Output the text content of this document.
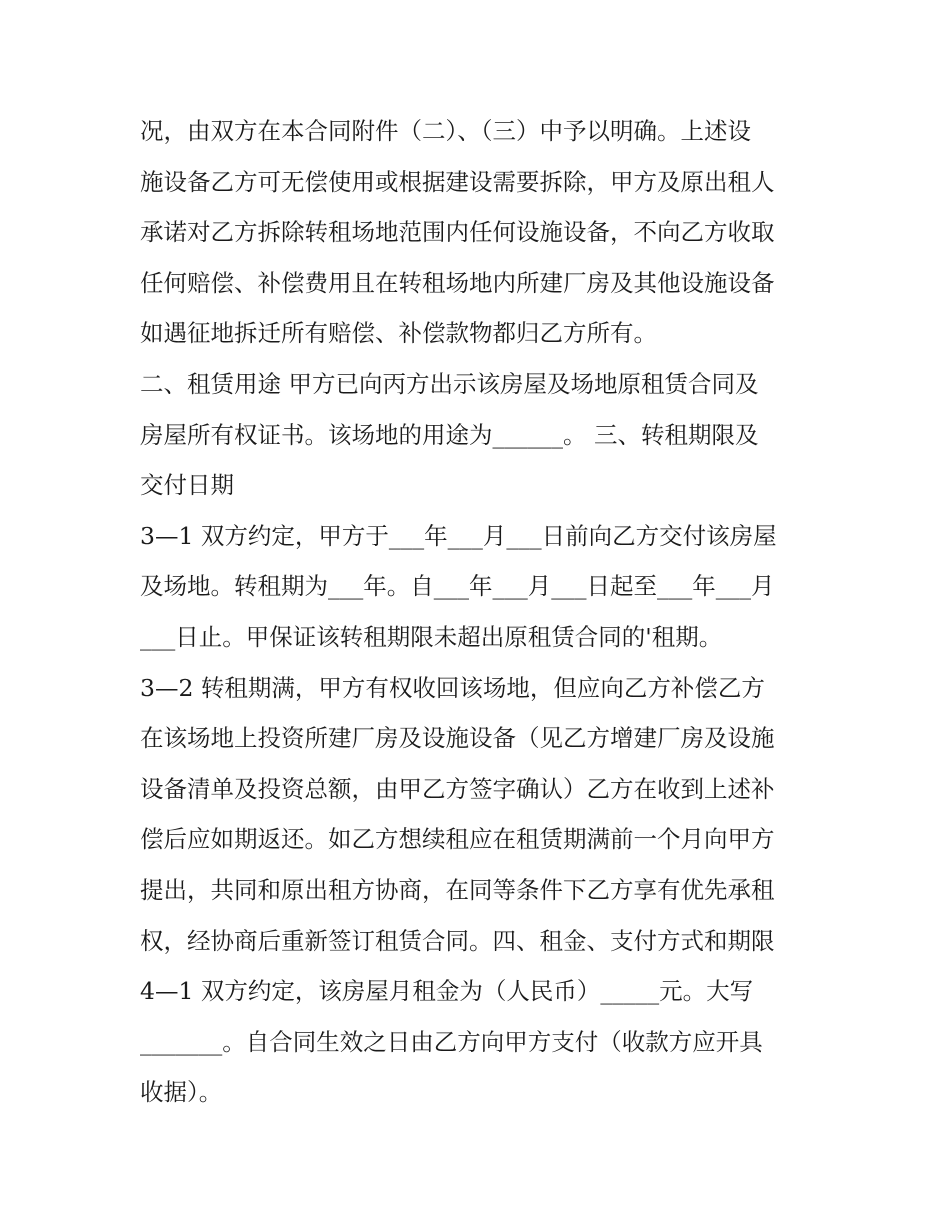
况，由双方在本合同附件（二）、（三）中予以明确。上述设
施设备乙方可无偿使用或根据建设需要拆除，甲方及原出租人
承诺对乙方拆除转租场地范围内任何设施设备，不向乙方收取
任何赔偿、补偿费用且在转租场地内所建厂房及其他设施设备
如遇征地拆迁所有赔偿、补偿款物都归乙方所有。
二、租赁用途 甲方已向丙方出示该房屋及场地原租赁合同及
房屋所有权证书。该场地的用途为______。 三、转租期限及
交付日期
3—1 双方约定，甲方于___年___月___日前向乙方交付该房屋
及场地。转租期为___年。自___年___月___日起至___年___月
___日止。甲保证该转租期限未超出原租赁合同的'租期。
3—2 转租期满，甲方有权收回该场地，但应向乙方补偿乙方
在该场地上投资所建厂房及设施设备（见乙方增建厂房及设施
设备清单及投资总额，由甲乙方签字确认）乙方在收到上述补
偿后应如期返还。如乙方想续租应在租赁期满前一个月向甲方
提出，共同和原出租方协商，在同等条件下乙方享有优先承租
权，经协商后重新签订租赁合同。四、租金、支付方式和期限
4—1 双方约定，该房屋月租金为（人民币）_____元。大写
_______。自合同生效之日由乙方向甲方支付（收款方应开具
收据）。
